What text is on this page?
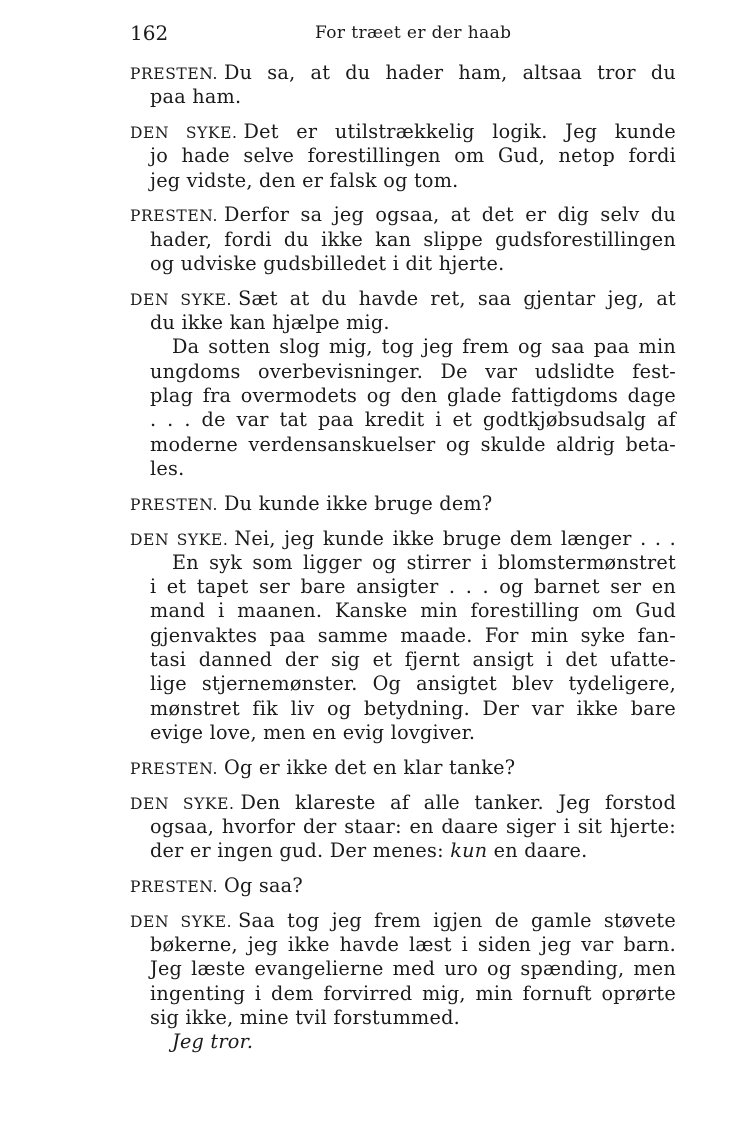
162	For træet er der haab
PRESTEN. Du sa, at du hader ham, altsaa tror du
paa ham.
DEN SYKE. Det er utilstrækkelig logik. Jeg kunde
jo hade selve forestillingen om Gud, netop fordi
jeg vidste, den er falsk og tom.
PRESTEN. Derfor sa jeg ogsaa, at det er dig selv du
hader, fordi du ikke kan slippe gudsforestillingen
og udviske gudsbilledet i dit hjerte.
DEN SYKE. Sæt at du havde ret, saa gjentar jeg, at
du ikke kan hjælpe mig.
Da sotten slog mig, tog jeg frem og saa paa min
ungdoms overbevisninger. De var udslidte fest-
plag fra overmodets og den glade fattigdoms dage
. . . de var tat paa kredit i et godtkjøbsudsalg af
moderne verdensanskuelser og skulde aldrig beta-
les.
PRESTEN. Du kunde ikke bruge dem?
DEN SYKE. Nei, jeg kunde ikke bruge dem længer . . .
En syk som ligger og stirrer i blomstermønstret
i et tapet ser bare ansigter . . . og barnet ser en
mand i maanen. Kanske min forestilling om Gud
gjenvaktes paa samme maade. For min syke fan-
tasi danned der sig et fjernt ansigt i det ufatte-
lige stjernemønster. Og ansigtet blev tydeligere,
mønstret fik liv og betydning. Der var ikke bare
evige love, men en evig lovgiver.
PRESTEN. Og er ikke det en klar tanke?
DEN SYKE. Den klareste af alle tanker. Jeg forstod
ogsaa, hvorfor der staar: en daare siger i sit hjerte:
der er ingen gud. Der menes: kun en daare.
PRESTEN. Og saa?
DEN SYKE. Saa tog jeg frem igjen de gamle støvete
bøkerne, jeg ikke havde læst i siden jeg var barn.
Jeg læste evangelierne med uro og spænding, men
ingenting i dem forvirred mig, min fornuft oprørte
sig ikke, mine tvil forstummed.
Jeg tror.
